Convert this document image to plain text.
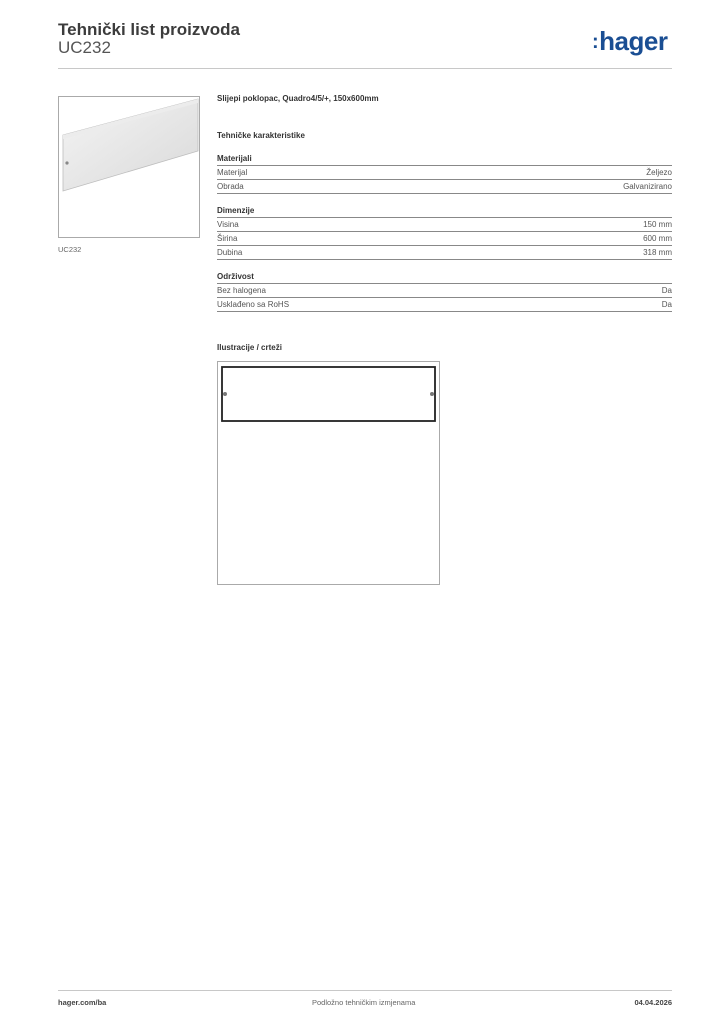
Tehnički list proizvoda
UC232	:hager
UC232
Slijepi poklopac, Quadro4/5/+, 150x600mm
Tehničke karakteristike
Materijali
Materijal	Željezo
Obrada	Galvanizirano
Dimenzije
Visina	150 mm
Širina	600 mm
Dubina	318 mm
Održivost
Bez halogena	Da
Usklađeno sa RoHS	Da
Ilustracije / crteži
hager.com/ba	Podložno tehničkim izmjenama	04.04.2026
